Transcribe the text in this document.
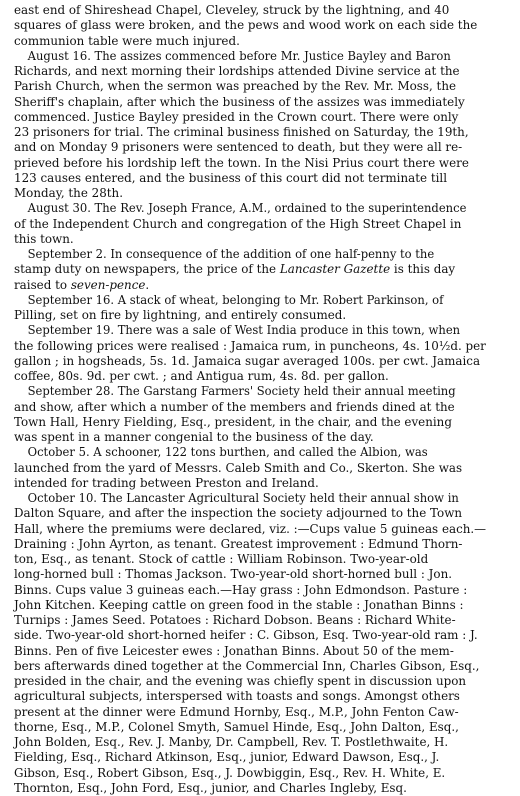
east end of Shireshead Chapel, Cleveley, struck by the lightning, and 40
squares of glass were broken, and the pews and wood work on each side the
communion table were much injured.
August 16. The assizes commenced before Mr. Justice Bayley and Baron
Richards, and next morning their lordships attended Divine service at the
Parish Church, when the sermon was preached by the Rev. Mr. Moss, the
Sheriff's chaplain, after which the business of the assizes was immediately
commenced. Justice Bayley presided in the Crown court. There were only
23 prisoners for trial. The criminal business finished on Saturday, the 19th,
and on Monday 9 prisoners were sentenced to death, but they were all re-
prieved before his lordship left the town. In the Nisi Prius court there were
123 causes entered, and the business of this court did not terminate till
Monday, the 28th.
August 30. The Rev. Joseph France, A.M., ordained to the superintendence
of the Independent Church and congregation of the High Street Chapel in
this town.
September 2. In consequence of the addition of one half-penny to the
stamp duty on newspapers, the price of the Lancaster Gazette is this day
raised to seven-pence.
September 16. A stack of wheat, belonging to Mr. Robert Parkinson, of
Pilling, set on fire by lightning, and entirely consumed.
September 19. There was a sale of West India produce in this town, when
the following prices were realised : Jamaica rum, in puncheons, 4s. 10½d. per
gallon ; in hogsheads, 5s. 1d. Jamaica sugar averaged 100s. per cwt. Jamaica
coffee, 80s. 9d. per cwt. ; and Antigua rum, 4s. 8d. per gallon.
September 28. The Garstang Farmers' Society held their annual meeting
and show, after which a number of the members and friends dined at the
Town Hall, Henry Fielding, Esq., president, in the chair, and the evening
was spent in a manner congenial to the business of the day.
October 5. A schooner, 122 tons burthen, and called the Albion, was
launched from the yard of Messrs. Caleb Smith and Co., Skerton. She was
intended for trading between Preston and Ireland.
October 10. The Lancaster Agricultural Society held their annual show in
Dalton Square, and after the inspection the society adjourned to the Town
Hall, where the premiums were declared, viz. :—Cups value 5 guineas each.—
Draining : John Ayrton, as tenant. Greatest improvement : Edmund Thorn-
ton, Esq., as tenant. Stock of cattle : William Robinson. Two-year-old
long-horned bull : Thomas Jackson. Two-year-old short-horned bull : Jon.
Binns. Cups value 3 guineas each.—Hay grass : John Edmondson. Pasture :
John Kitchen. Keeping cattle on green food in the stable : Jonathan Binns :
Turnips : James Seed. Potatoes : Richard Dobson. Beans : Richard White-
side. Two-year-old short-horned heifer : C. Gibson, Esq. Two-year-old ram : J.
Binns. Pen of five Leicester ewes : Jonathan Binns. About 50 of the mem-
bers afterwards dined together at the Commercial Inn, Charles Gibson, Esq.,
presided in the chair, and the evening was chiefly spent in discussion upon
agricultural subjects, interspersed with toasts and songs. Amongst others
present at the dinner were Edmund Hornby, Esq., M.P., John Fenton Caw-
thorne, Esq., M.P., Colonel Smyth, Samuel Hinde, Esq., John Dalton, Esq.,
John Bolden, Esq., Rev. J. Manby, Dr. Campbell, Rev. T. Postlethwaite, H.
Fielding, Esq., Richard Atkinson, Esq., junior, Edward Dawson, Esq., J.
Gibson, Esq., Robert Gibson, Esq., J. Dowbiggin, Esq., Rev. H. White, E.
Thornton, Esq., John Ford, Esq., junior, and Charles Ingleby, Esq.
